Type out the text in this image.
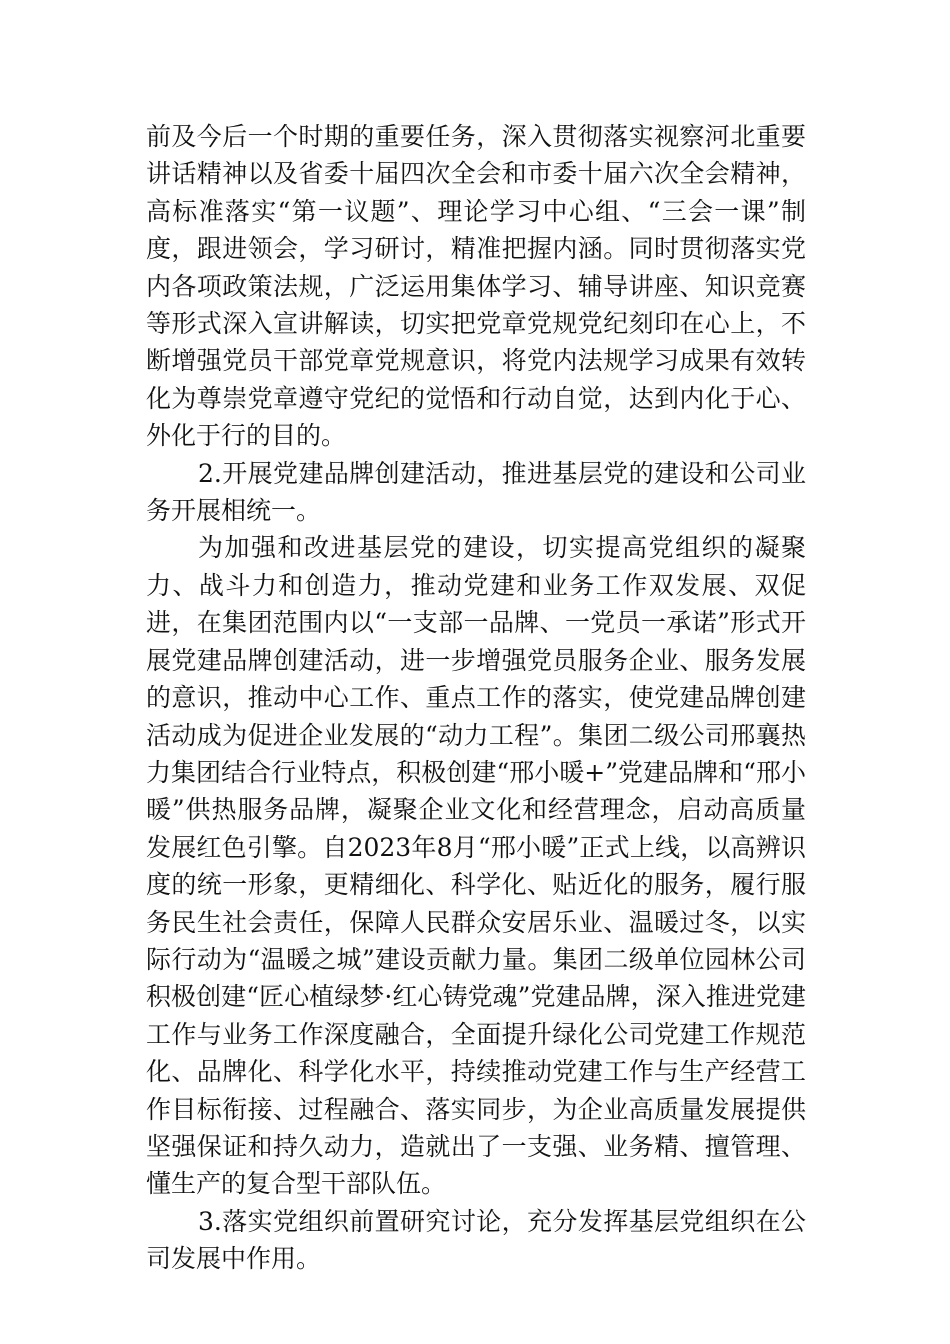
前及今后一个时期的重要任务，深入贯彻落实视察河北重要讲话精神以及省委十届四次全会和市委十届六次全会精神，高标准落实“第一议题”、理论学习中心组、“三会一课”制度，跟进领会，学习研讨，精准把握内涵。同时贯彻落实党内各项政策法规，广泛运用集体学习、辅导讲座、知识竞赛等形式深入宣讲解读，切实把党章党规党纪刻印在心上，不断增强党员干部党章党规意识，将党内法规学习成果有效转化为尊崇党章遵守党纪的觉悟和行动自觉，达到内化于心、外化于行的目的。

2.开展党建品牌创建活动，推进基层党的建设和公司业务开展相统一。

为加强和改进基层党的建设，切实提高党组织的凝聚力、战斗力和创造力，推动党建和业务工作双发展、双促进，在集团范围内以“一支部一品牌、一党员一承诺”形式开展党建品牌创建活动，进一步增强党员服务企业、服务发展的意识，推动中心工作、重点工作的落实，使党建品牌创建活动成为促进企业发展的“动力工程”。集团二级公司邢襄热力集团结合行业特点，积极创建“邢小暖+”党建品牌和“邢小暖”供热服务品牌，凝聚企业文化和经营理念，启动高质量发展红色引擎。自2023年8月“邢小暖”正式上线，以高辨识度的统一形象，更精细化、科学化、贴近化的服务，履行服务民生社会责任，保障人民群众安居乐业、温暖过冬，以实际行动为“温暖之城”建设贡献力量。集团二级单位园林公司积极创建“匠心植绿梦·红心铸党魂”党建品牌，深入推进党建工作与业务工作深度融合，全面提升绿化公司党建工作规范化、品牌化、科学化水平，持续推动党建工作与生产经营工作目标衔接、过程融合、落实同步，为企业高质量发展提供坚强保证和持久动力，造就出了一支强、业务精、擅管理、懂生产的复合型干部队伍。

3.落实党组织前置研究讨论，充分发挥基层党组织在公司发展中作用。
